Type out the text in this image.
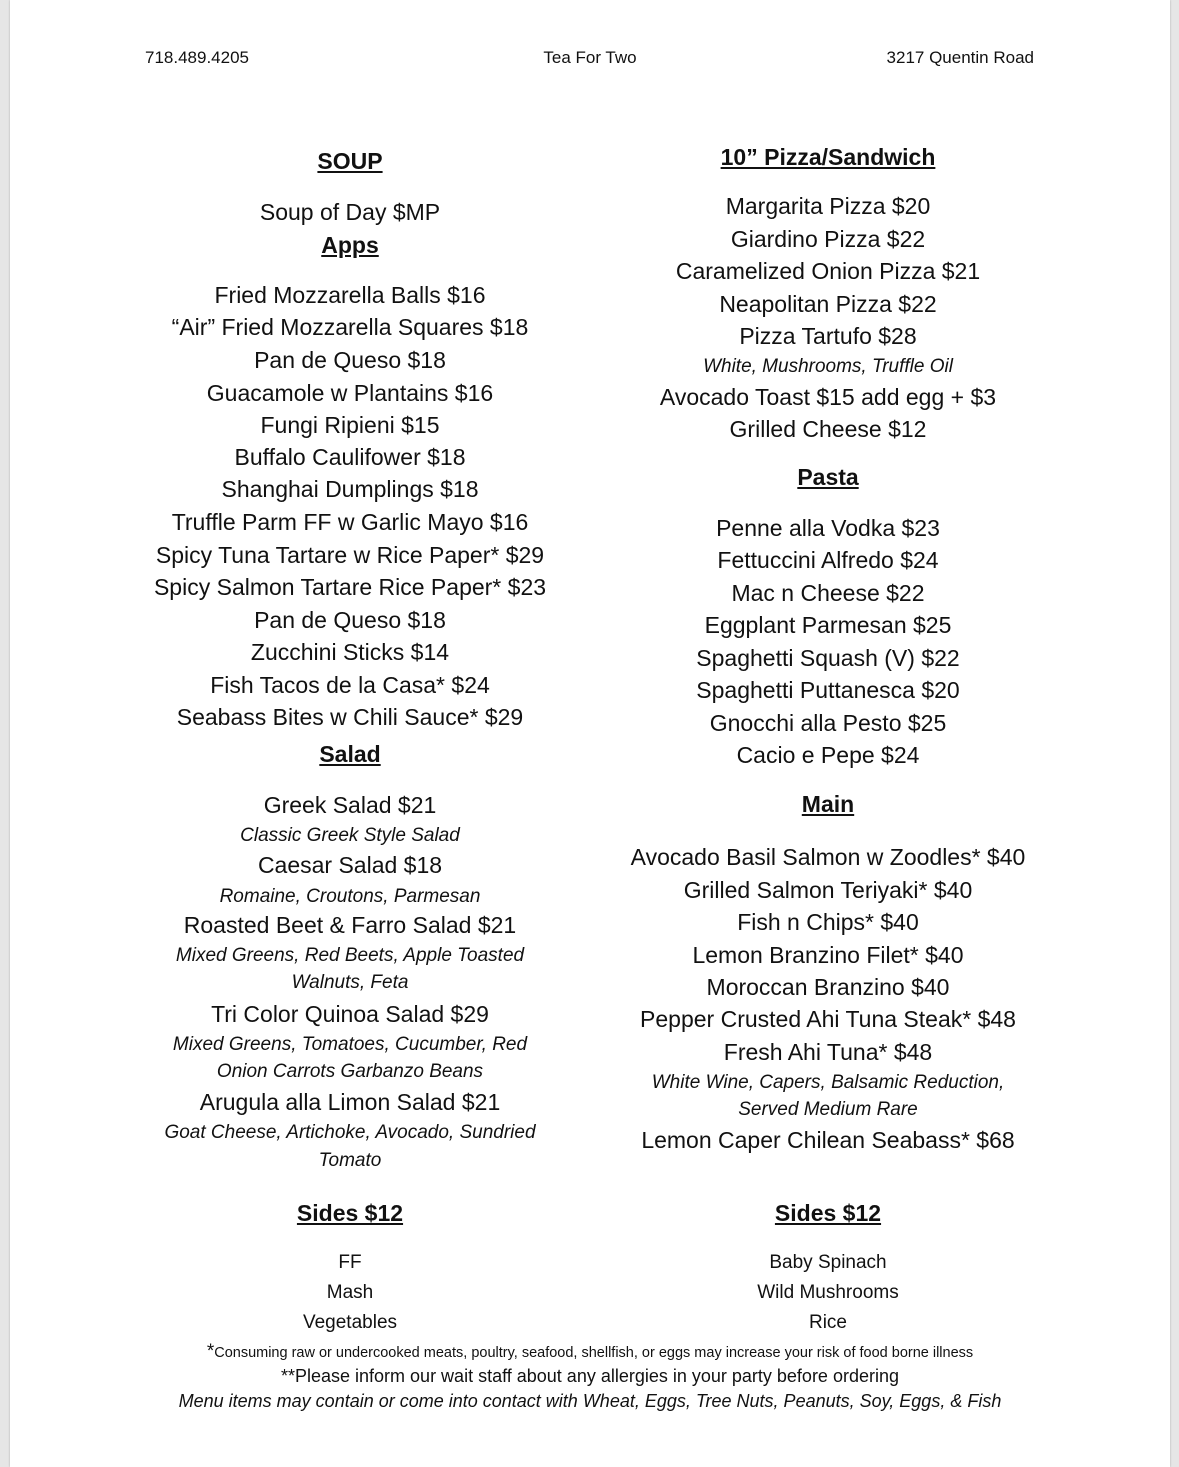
718.489.4205	Tea For Two	3217 Quentin Road
SOUP
Soup of Day $MP
Apps
Fried Mozzarella Balls $16
“Air” Fried Mozzarella Squares $18
Pan de Queso $18
Guacamole w Plantains $16
Fungi Ripieni $15
Buffalo Caulifower $18
Shanghai Dumplings $18
Truffle Parm FF w Garlic Mayo $16
Spicy Tuna Tartare w Rice Paper* $29
Spicy Salmon Tartare Rice Paper* $23
Pan de Queso $18
Zucchini Sticks $14
Fish Tacos de la Casa* $24
Seabass Bites w Chili Sauce* $29
Salad
Greek Salad $21
Classic Greek Style Salad
Caesar Salad $18
Romaine, Croutons, Parmesan
Roasted Beet & Farro Salad $21
Mixed Greens, Red Beets, Apple Toasted
Walnuts, Feta
Tri Color Quinoa Salad $29
Mixed Greens, Tomatoes, Cucumber, Red
Onion Carrots Garbanzo Beans
Arugula alla Limon Salad $21
Goat Cheese, Artichoke, Avocado, Sundried
Tomato
Sides $12
FF
Mash
Vegetables
10” Pizza/Sandwich
Margarita Pizza $20
Giardino Pizza $22
Caramelized Onion Pizza $21
Neapolitan Pizza $22
Pizza Tartufo $28
White, Mushrooms, Truffle Oil
Avocado Toast $15 add egg + $3
Grilled Cheese $12
Pasta
Penne alla Vodka $23
Fettuccini Alfredo $24
Mac n Cheese $22
Eggplant Parmesan $25
Spaghetti Squash (V) $22
Spaghetti Puttanesca $20
Gnocchi alla Pesto $25
Cacio e Pepe $24
Main
Avocado Basil Salmon w Zoodles* $40
Grilled Salmon Teriyaki* $40
Fish n Chips* $40
Lemon Branzino Filet* $40
Moroccan Branzino $40
Pepper Crusted Ahi Tuna Steak* $48
Fresh Ahi Tuna* $48
White Wine, Capers, Balsamic Reduction,
Served Medium Rare
Lemon Caper Chilean Seabass* $68
Sides $12
Baby Spinach
Wild Mushrooms
Rice
*Consuming raw or undercooked meats, poultry, seafood, shellfish, or eggs may increase your risk of food borne illness
**Please inform our wait staff about any allergies in your party before ordering
Menu items may contain or come into contact with Wheat, Eggs, Tree Nuts, Peanuts, Soy, Eggs, & Fish
